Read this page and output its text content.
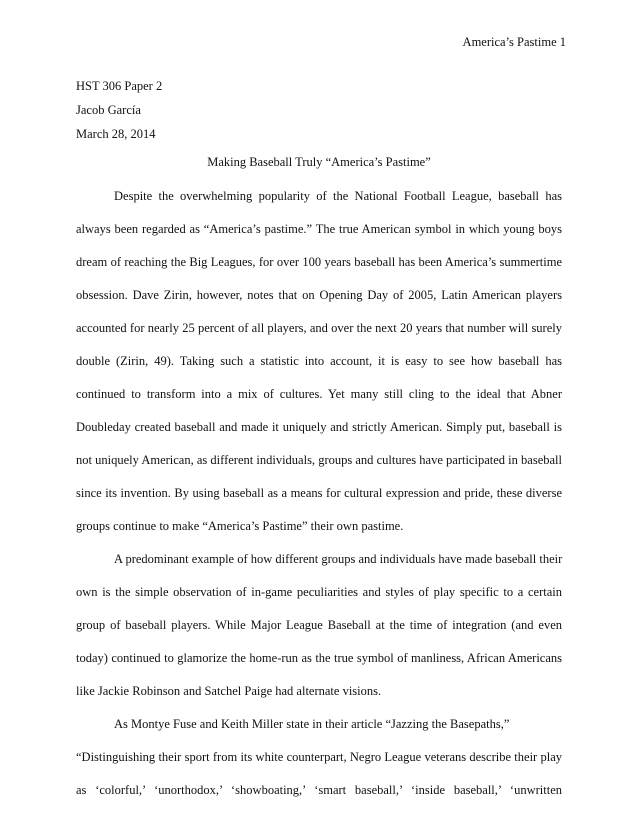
America’s Pastime 1
HST 306 Paper 2
Jacob García
March 28, 2014
Making Baseball Truly “America’s Pastime”
Despite the overwhelming popularity of the National Football League, baseball has
always been regarded as “America’s pastime.” The true American symbol in which young boys
dream of reaching the Big Leagues, for over 100 years baseball has been America’s summertime
obsession. Dave Zirin, however, notes that on Opening Day of 2005, Latin American players
accounted for nearly 25 percent of all players, and over the next 20 years that number will surely
double (Zirin, 49). Taking such a statistic into account, it is easy to see how baseball has
continued to transform into a mix of cultures. Yet many still cling to the ideal that Abner
Doubleday created baseball and made it uniquely and strictly American. Simply put, baseball is
not uniquely American, as different individuals, groups and cultures have participated in baseball
since its invention. By using baseball as a means for cultural expression and pride, these diverse
groups continue to make “America’s Pastime” their own pastime.
A predominant example of how different groups and individuals have made baseball their
own is the simple observation of in-game peculiarities and styles of play specific to a certain
group of baseball players. While Major League Baseball at the time of integration (and even
today) continued to glamorize the home-run as the true symbol of manliness, African Americans
like Jackie Robinson and Satchel Paige had alternate visions.
As Montye Fuse and Keith Miller state in their article “Jazzing the Basepaths,”
“Distinguishing their sport from its white counterpart, Negro League veterans describe their play
as ‘colorful,’ ‘unorthodox,’ ‘showboating,’ ‘smart baseball,’ ‘inside baseball,’ ‘unwritten
